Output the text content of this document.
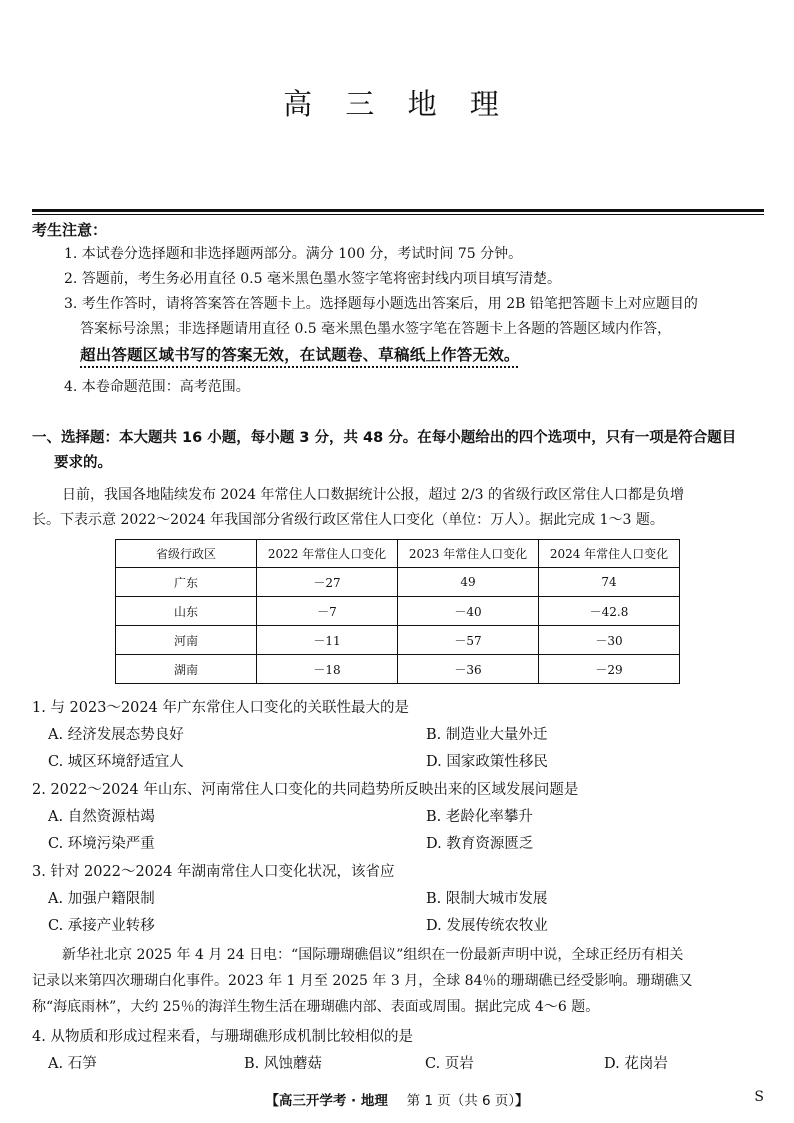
高 三 地 理
考生注意：
1. 本试卷分选择题和非选择题两部分。满分 100 分，考试时间 75 分钟。
2. 答题前，考生务必用直径 0.5 毫米黑色墨水签字笔将密封线内项目填写清楚。
3. 考生作答时，请将答案答在答题卡上。选择题每小题选出答案后，用 2B 铅笔把答题卡上对应题目的
答案标号涂黑；非选择题请用直径 0.5 毫米黑色墨水签字笔在答题卡上各题的答题区域内作答，
超出答题区域书写的答案无效，在试题卷、草稿纸上作答无效。
4. 本卷命题范围：高考范围。
一、选择题：本大题共 16 小题，每小题 3 分，共 48 分。在每小题给出的四个选项中，只有一项是符合题目
要求的。
日前，我国各地陆续发布 2024 年常住人口数据统计公报，超过 2/3 的省级行政区常住人口都是负增
长。下表示意 2022～2024 年我国部分省级行政区常住人口变化（单位：万人）。据此完成 1～3 题。
省级行政区	2022 年常住人口变化	2023 年常住人口变化	2024 年常住人口变化
广东	－27	49	74
山东	－7	－40	－42.8
河南	－11	－57	－30
湖南	－18	－36	－29
1. 与 2023～2024 年广东常住人口变化的关联性最大的是
A. 经济发展态势良好	B. 制造业大量外迁
C. 城区环境舒适宜人	D. 国家政策性移民
2. 2022～2024 年山东、河南常住人口变化的共同趋势所反映出来的区域发展问题是
A. 自然资源枯竭	B. 老龄化率攀升
C. 环境污染严重	D. 教育资源匮乏
3. 针对 2022～2024 年湖南常住人口变化状况，该省应
A. 加强户籍限制	B. 限制大城市发展
C. 承接产业转移	D. 发展传统农牧业
新华社北京 2025 年 4 月 24 日电：“国际珊瑚礁倡议”组织在一份最新声明中说，全球正经历有相关
记录以来第四次珊瑚白化事件。2023 年 1 月至 2025 年 3 月，全球 84％的珊瑚礁已经受影响。珊瑚礁又
称“海底雨林”，大约 25％的海洋生物生活在珊瑚礁内部、表面或周围。据此完成 4～6 题。
4. 从物质和形成过程来看，与珊瑚礁形成机制比较相似的是
A. 石笋	B. 风蚀蘑菇	C. 页岩	D. 花岗岩
【高三开学考 · 地理 第 1 页（共 6 页）】	S
